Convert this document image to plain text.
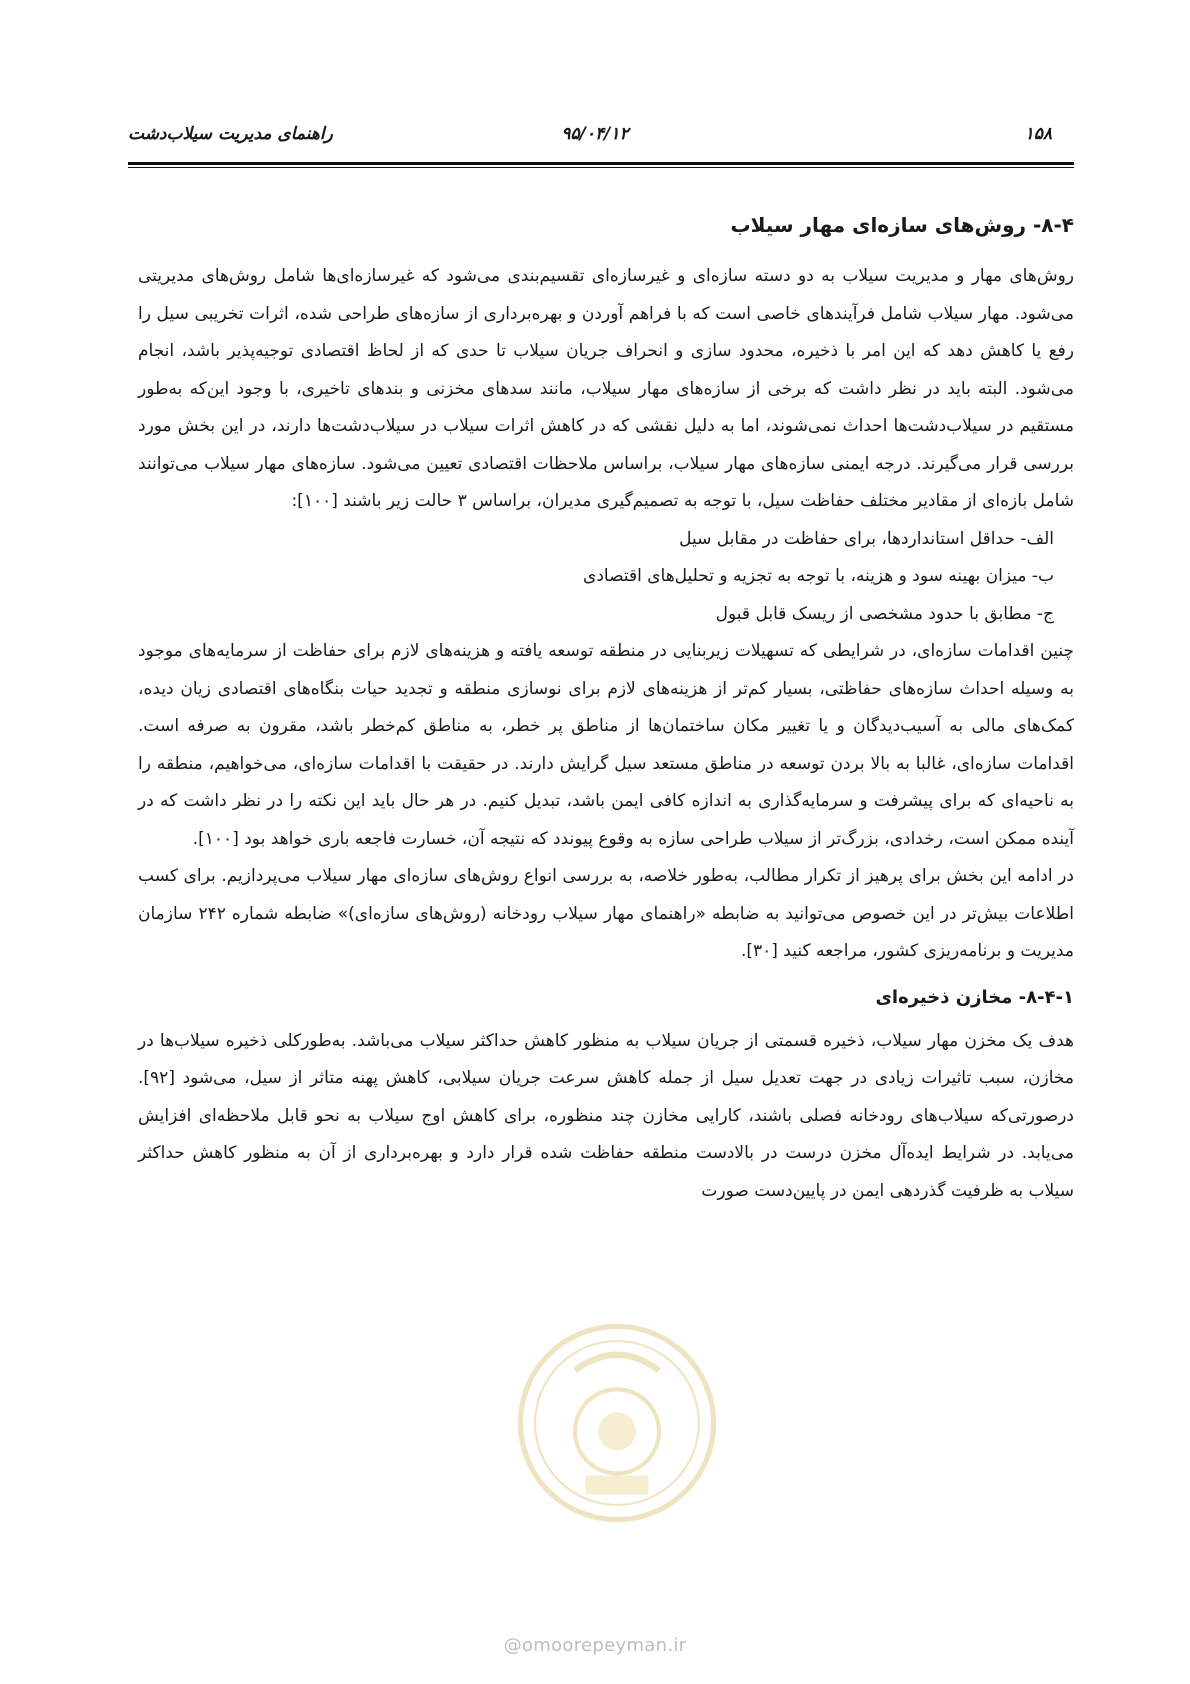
راهنمای مدیریت سیلاب‌دشت	۹۵/۰۴/۱۲	۱۵۸
۸-۴- روش‌های سازه‌ای مهار سیلاب

روش‌های مهار و مدیریت سیلاب به دو دسته سازه‌ای و غیرسازه‌ای تقسیم‌بندی می‌شود که غیرسازه‌ای‌ها شامل روش‌های مدیریتی می‌شود. مهار سیلاب شامل فرآیندهای خاصی است که با فراهم آوردن و بهره‌برداری از سازه‌های طراحی شده، اثرات تخریبی سیل را رفع یا کاهش دهد که این امر با ذخیره، محدود سازی و انحراف جریان سیلاب تا حدی که از لحاظ اقتصادی توجیه‌پذیر باشد، انجام می‌شود. البته باید در نظر داشت که برخی از سازه‌های مهار سیلاب، مانند سدهای مخزنی و بندهای تاخیری، با وجود این‌که به‌طور مستقیم در سیلاب‌دشت‌ها احداث نمی‌شوند، اما به دلیل نقشی که در کاهش اثرات سیلاب در سیلاب‌دشت‌ها دارند، در این بخش مورد بررسی قرار می‌گیرند. درجه ایمنی سازه‌های مهار سیلاب، براساس ملاحظات اقتصادی تعیین می‌شود. سازه‌های مهار سیلاب می‌توانند شامل بازه‌ای از مقادیر مختلف حفاظت سیل، با توجه به تصمیم‌گیری مدیران، براساس ۳ حالت زیر باشند [۱۰۰]:

الف- حداقل استانداردها، برای حفاظت در مقابل سیل

ب- میزان بهینه سود و هزینه، با توجه به تجزیه و تحلیل‌های اقتصادی

ج- مطابق با حدود مشخصی از ریسک قابل قبول

چنین اقدامات سازه‌ای، در شرایطی که تسهیلات زیربنایی در منطقه توسعه یافته و هزینه‌های لازم برای حفاظت از سرمایه‌های موجود به وسیله احداث سازه‌های حفاظتی، بسیار کم‌تر از هزینه‌های لازم برای نوسازی منطقه و تجدید حیات بنگاه‌های اقتصادی زیان دیده، کمک‌های مالی به آسیب‌دیدگان و یا تغییر مکان ساختمان‌ها از مناطق پر خطر، به مناطق کم‌خطر باشد، مقرون به صرفه است. اقدامات سازه‌ای، غالبا به بالا بردن توسعه در مناطق مستعد سیل گرایش دارند. در حقیقت با اقدامات سازه‌ای، می‌خواهیم، منطقه را به ناحیه‌ای که برای پیشرفت و سرمایه‌گذاری به اندازه کافی ایمن باشد، تبدیل کنیم. در هر حال باید این نکته را در نظر داشت که در آینده ممکن است، رخدادی، بزرگ‌تر از سیلاب طراحی سازه به وقوع پیوندد که نتیجه آن، خسارت فاجعه باری خواهد بود [۱۰۰].

در ادامه این بخش برای پرهیز از تکرار مطالب، به‌طور خلاصه، به بررسی انواع روش‌های سازه‌ای مهار سیلاب می‌پردازیم. برای کسب اطلاعات بیش‌تر در این خصوص می‌توانید به ضابطه «راهنمای مهار سیلاب رودخانه (روش‌های سازه‌ای)» ضابطه شماره ۲۴۲ سازمان مدیریت و برنامه‌ریزی کشور، مراجعه کنید [۳۰].

۸-۴-۱- مخازن ذخیره‌ای

هدف یک مخزن مهار سیلاب، ذخیره قسمتی از جریان سیلاب به منظور کاهش حداکثر سیلاب می‌باشد. به‌طورکلی ذخیره سیلاب‌ها در مخازن، سبب تاثیرات زیادی در جهت تعدیل سیل از جمله کاهش سرعت جریان سیلابی، کاهش پهنه متاثر از سیل، می‌شود [۹۲]. درصورتی‌که سیلاب‌های رودخانه فصلی باشند، کارایی مخازن چند منظوره، برای کاهش اوج سیلاب به نحو قابل ملاحظه‌ای افزایش می‌یابد. در شرایط ایده‌آل مخزن درست در بالادست منطقه حفاظت شده قرار دارد و بهره‌برداری از آن به منظور کاهش حداکثر سیلاب به ظرفیت گذردهی ایمن در پایین‌دست صورت

@omoorepeyman.ir
